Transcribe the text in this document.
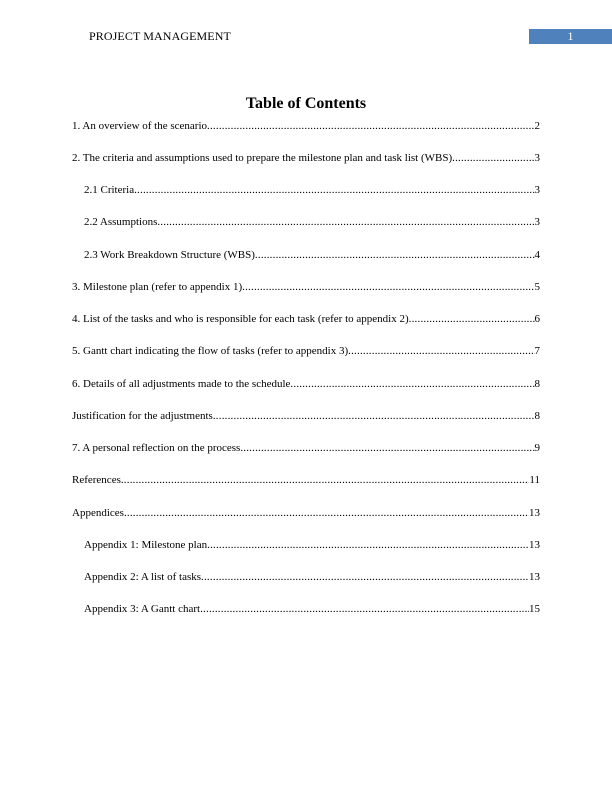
PROJECT MANAGEMENT	1
Table of Contents
1. An overview of the scenario .....	2
2. The criteria and assumptions used to prepare the milestone plan and task list (WBS) .....	3
2.1 Criteria .....	3
2.2 Assumptions .....	3
2.3 Work Breakdown Structure (WBS) .....	4
3. Milestone plan (refer to appendix 1) .....	5
4. List of the tasks and who is responsible for each task (refer to appendix 2) .....	6
5. Gantt chart indicating the flow of tasks (refer to appendix 3) .....	7
6. Details of all adjustments made to the schedule .....	8
Justification for the adjustments .....	8
7. A personal reflection on the process .....	9
References .....	11
Appendices .....	13
Appendix 1: Milestone plan .....	13
Appendix 2: A list of tasks .....	13
Appendix 3: A Gantt chart .....	15
